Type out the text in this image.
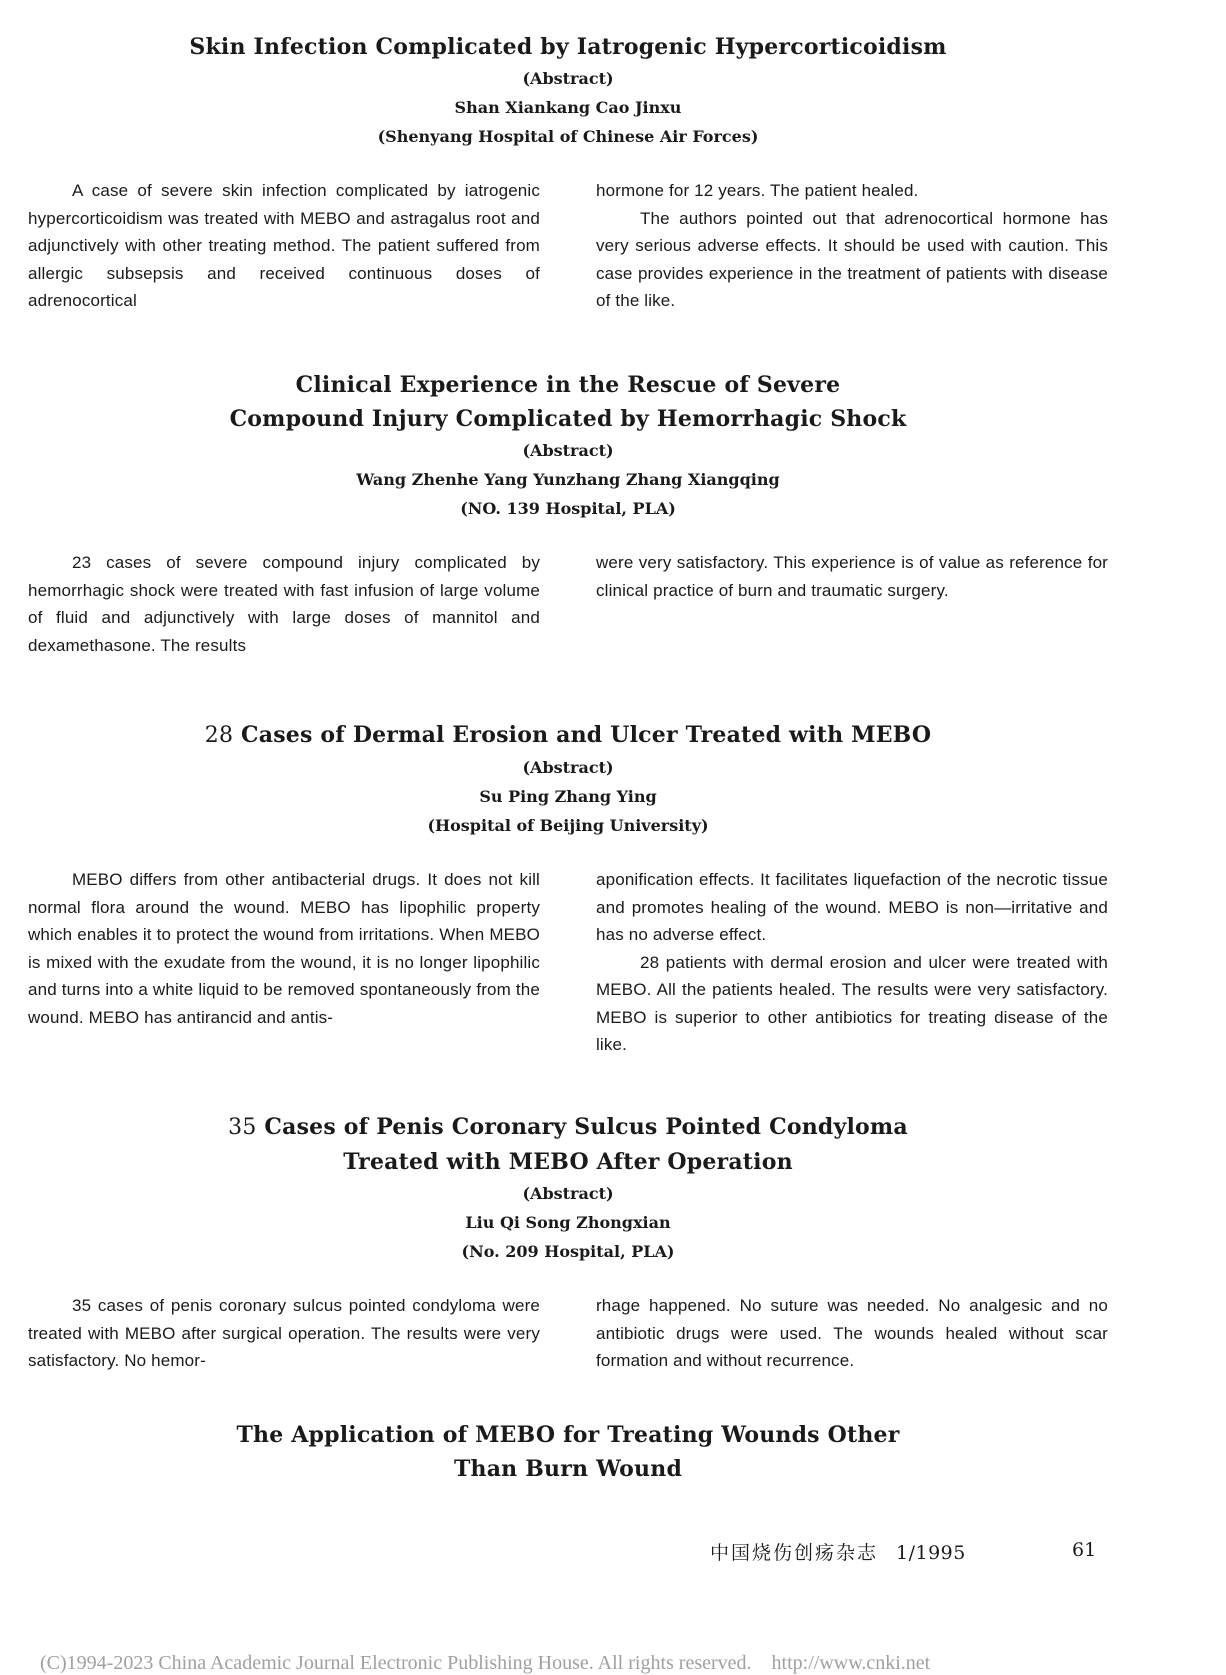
Skin Infection Complicated by Iatrogenic Hypercorticoidism
(Abstract)
Shan Xiankang Cao Jinxu
(Shenyang Hospital of Chinese Air Forces)

A case of severe skin infection complicated by iatrogenic hypercorticoidism was treated with MEBO and astragalus root and adjunctively with other treating method. The patient suffered from allergic subsepsis and received continuous doses of adrenocortical

hormone for 12 years. The patient healed.

The authors pointed out that adrenocortical hormone has very serious adverse effects. It should be used with caution. This case provides experience in the treatment of patients with disease of the like.

Clinical Experience in the Rescue of Severe
Compound Injury Complicated by Hemorrhagic Shock
(Abstract)
Wang Zhenhe Yang Yunzhang Zhang Xiangqing
(NO. 139 Hospital, PLA)

23 cases of severe compound injury complicated by hemorrhagic shock were treated with fast infusion of large volume of fluid and adjunctively with large doses of mannitol and dexamethasone. The results

were very satisfactory. This experience is of value as reference for clinical practice of burn and traumatic surgery.

28 Cases of Dermal Erosion and Ulcer Treated with MEBO
(Abstract)
Su Ping Zhang Ying
(Hospital of Beijing University)

MEBO differs from other antibacterial drugs. It does not kill normal flora around the wound. MEBO has lipophilic property which enables it to protect the wound from irritations. When MEBO is mixed with the exudate from the wound, it is no longer lipophilic and turns into a white liquid to be removed spontaneously from the wound. MEBO has antirancid and antis-

aponification effects. It facilitates liquefaction of the necrotic tissue and promotes healing of the wound. MEBO is non—irritative and has no adverse effect.

28 patients with dermal erosion and ulcer were treated with MEBO. All the patients healed. The results were very satisfactory. MEBO is superior to other antibiotics for treating disease of the like.

35 Cases of Penis Coronary Sulcus Pointed Condyloma
Treated with MEBO After Operation
(Abstract)
Liu Qi Song Zhongxian
(No. 209 Hospital, PLA)

35 cases of penis coronary sulcus pointed condyloma were treated with MEBO after surgical operation. The results were very satisfactory. No hemor-

rhage happened. No suture was needed. No analgesic and no antibiotic drugs were used. The wounds healed without scar formation and without recurrence.

The Application of MEBO for Treating Wounds Other
Than Burn Wound
中国烧伤创疡杂志 1/1995	61
(C)1994-2023 China Academic Journal Electronic Publishing House. All rights reserved. http://www.cnki.net
